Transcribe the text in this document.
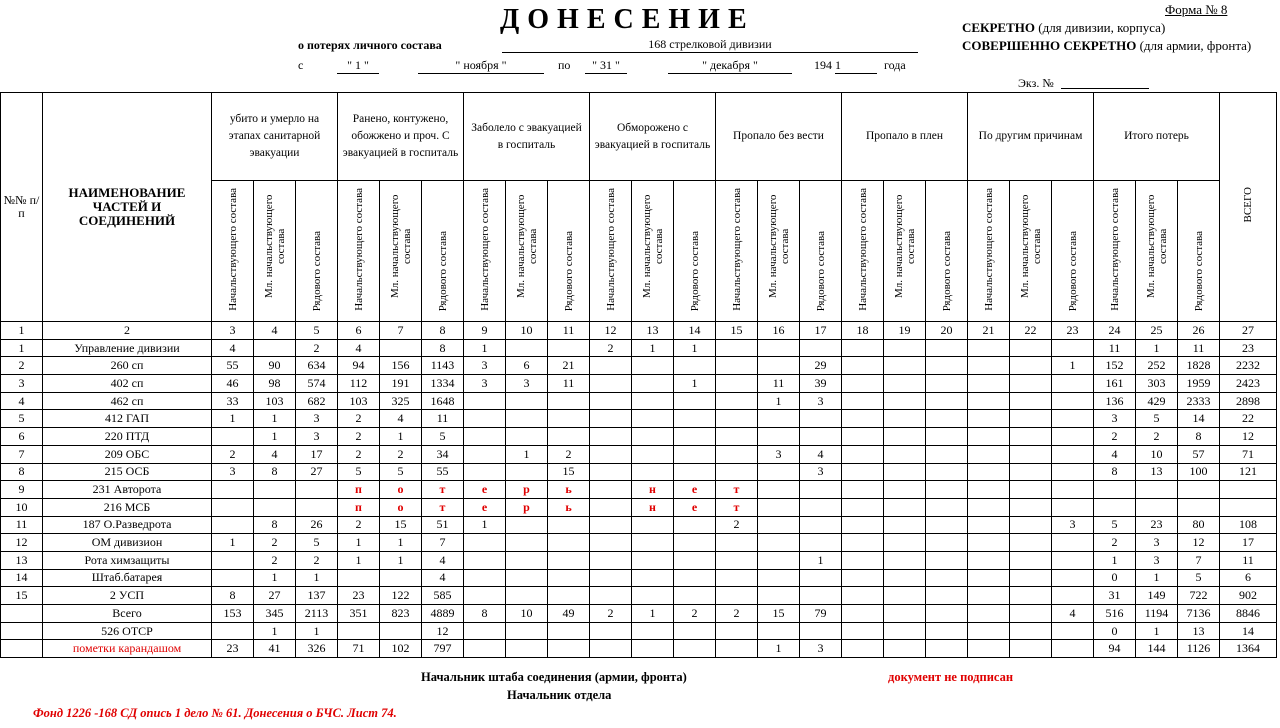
ДОНЕСЕНИЕ	Форма № 8
СЕКРЕТНО (для дивизии, корпуса)
СОВЕРШЕННО СЕКРЕТНО (для армии, фронта)
о потерях личного состава	168 стрелковой дивизии
с	" 1 "	" ноября "	по	" 31 "	" декабря "	194 1	года
Экз. №
№№ п/п	НАИМЕНОВАНИЕ ЧАСТЕЙ И СОЕДИНЕНИЙ	убито и умерло на этапах санитарной эвакуации			Ранено, контужено, обожжено и проч. С эвакуацией в госпиталь			Заболело с эвакуацией в госпиталь			Обморожено с эвакуацией в госпиталь			Пропало без вести			Пропало в плен			По другим причинам			Итого потерь			ВСЕГО
		Начальствующего состава	Мл. начальствующего состава	Рядового состава	Начальствующего состава	Мл. начальствующего состава	Рядового состава	Начальствующего состава	Мл. начальствующего состава	Рядового состава	Начальствующего состава	Мл. начальствующего состава	Рядового состава	Начальствующего состава	Мл. начальствующего состава	Рядового состава	Начальствующего состава	Мл. начальствующего состава	Рядового состава	Начальствующего состава	Мл. начальствующего состава	Рядового состава	Начальствующего состава	Мл. начальствующего состава	Рядового состава	
1	2	3	4	5	6	7	8	9	10	11	12	13	14	15	16	17	18	19	20	21	22	23	24	25	26	27
1	Управление дивизии	4		2	4		8	1			2	1	1										11	1	11	23
2	260 сп	55	90	634	94	156	1143	3	6	21						29						1	152	252	1828	2232
3	402 сп	46	98	574	112	191	1334	3	3	11			1		11	39							161	303	1959	2423
4	462 сп	33	103	682	103	325	1648								1	3							136	429	2333	2898
5	412 ГАП	1	1	3	2	4	11																3	5	14	22
6	220 ПТД		1	3	2	1	5																2	2	8	12
7	209 ОБС	2	4	17	2	2	34		1	2					3	4							4	10	57	71
8	215 ОСБ	3	8	27	5	5	55			15						3							8	13	100	121
9	231 Авторота				п	о	т	е	р	ь		н	е	т												
10	216 МСБ				п	о	т	е	р	ь		н	е	т												
11	187 О.Разведрота		8	26	2	15	51	1						2								3	5	23	80	108
12	ОМ дивизион	1	2	5	1	1	7																2	3	12	17
13	Рота химзащиты		2	2	1	1	4									1							1	3	7	11
14	Штаб.батарея		1	1			4																0	1	5	6
15	2 УСП	8	27	137	23	122	585																31	149	722	902
	Всего	153	345	2113	351	823	4889	8	10	49	2	1	2	2	15	79						4	516	1194	7136	8846
	526 ОТСР		1	1			12																0	1	13	14
	пометки карандашом	23	41	326	71	102	797								1	3							94	144	1126	1364
Начальник штаба соединения (армии, фронта)
Начальник отдела
документ не подписан
Фонд 1226 -168 СД опись 1 дело № 61. Донесения о БЧС. Лист 74.
